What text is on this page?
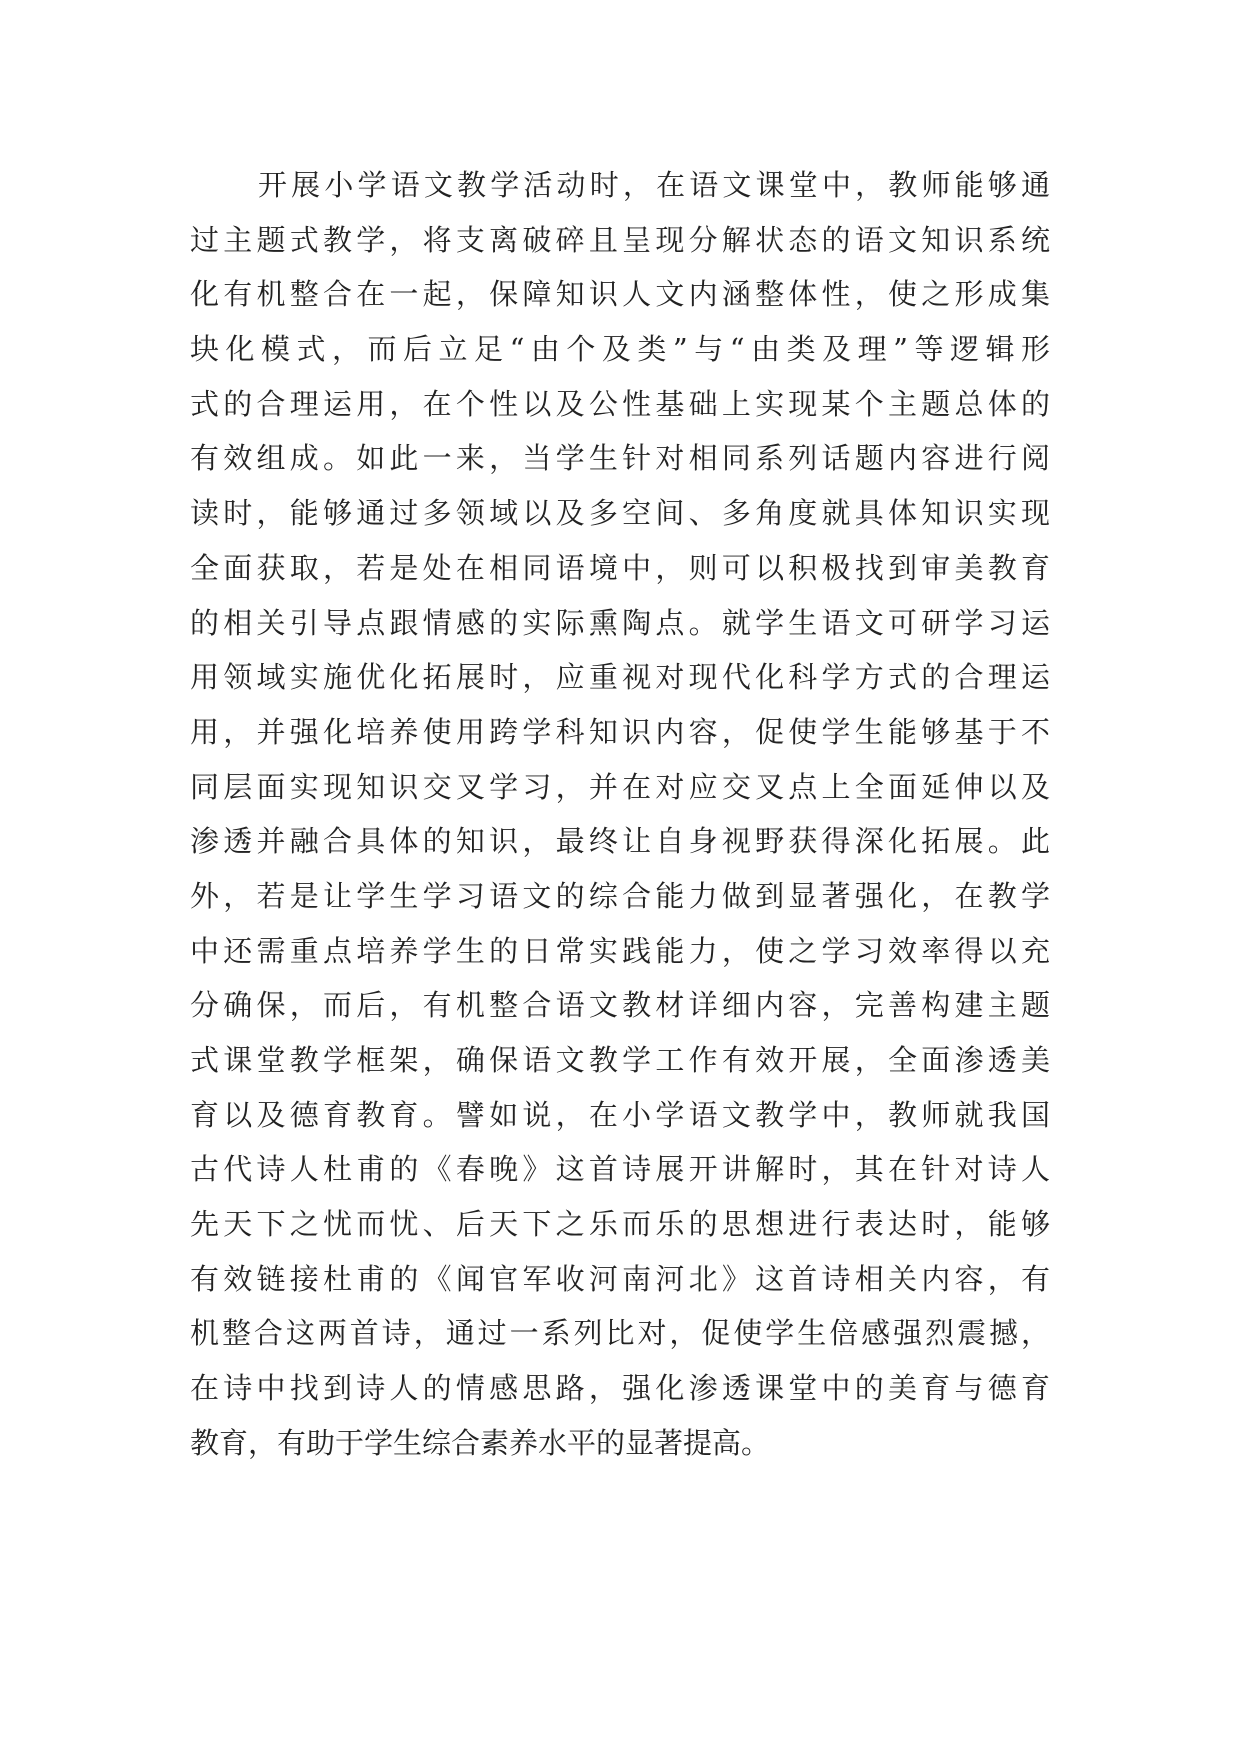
开展小学语文教学活动时，在语文课堂中，教师能够通
过主题式教学，将支离破碎且呈现分解状态的语文知识系统
化有机整合在一起，保障知识人文内涵整体性，使之形成集
块化模式，而后立足“由个及类”与“由类及理”等逻辑形
式的合理运用，在个性以及公性基础上实现某个主题总体的
有效组成。如此一来，当学生针对相同系列话题内容进行阅
读时，能够通过多领域以及多空间、多角度就具体知识实现
全面获取，若是处在相同语境中，则可以积极找到审美教育
的相关引导点跟情感的实际熏陶点。就学生语文可研学习运
用领域实施优化拓展时，应重视对现代化科学方式的合理运
用，并强化培养使用跨学科知识内容，促使学生能够基于不
同层面实现知识交叉学习，并在对应交叉点上全面延伸以及
渗透并融合具体的知识，最终让自身视野获得深化拓展。此
外，若是让学生学习语文的综合能力做到显著强化，在教学
中还需重点培养学生的日常实践能力，使之学习效率得以充
分确保，而后，有机整合语文教材详细内容，完善构建主题
式课堂教学框架，确保语文教学工作有效开展，全面渗透美
育以及德育教育。譬如说，在小学语文教学中，教师就我国
古代诗人杜甫的《春晚》这首诗展开讲解时，其在针对诗人
先天下之忧而忧、后天下之乐而乐的思想进行表达时，能够
有效链接杜甫的《闻官军收河南河北》这首诗相关内容，有
机整合这两首诗，通过一系列比对，促使学生倍感强烈震撼，
在诗中找到诗人的情感思路，强化渗透课堂中的美育与德育
教育，有助于学生综合素养水平的显著提高。
